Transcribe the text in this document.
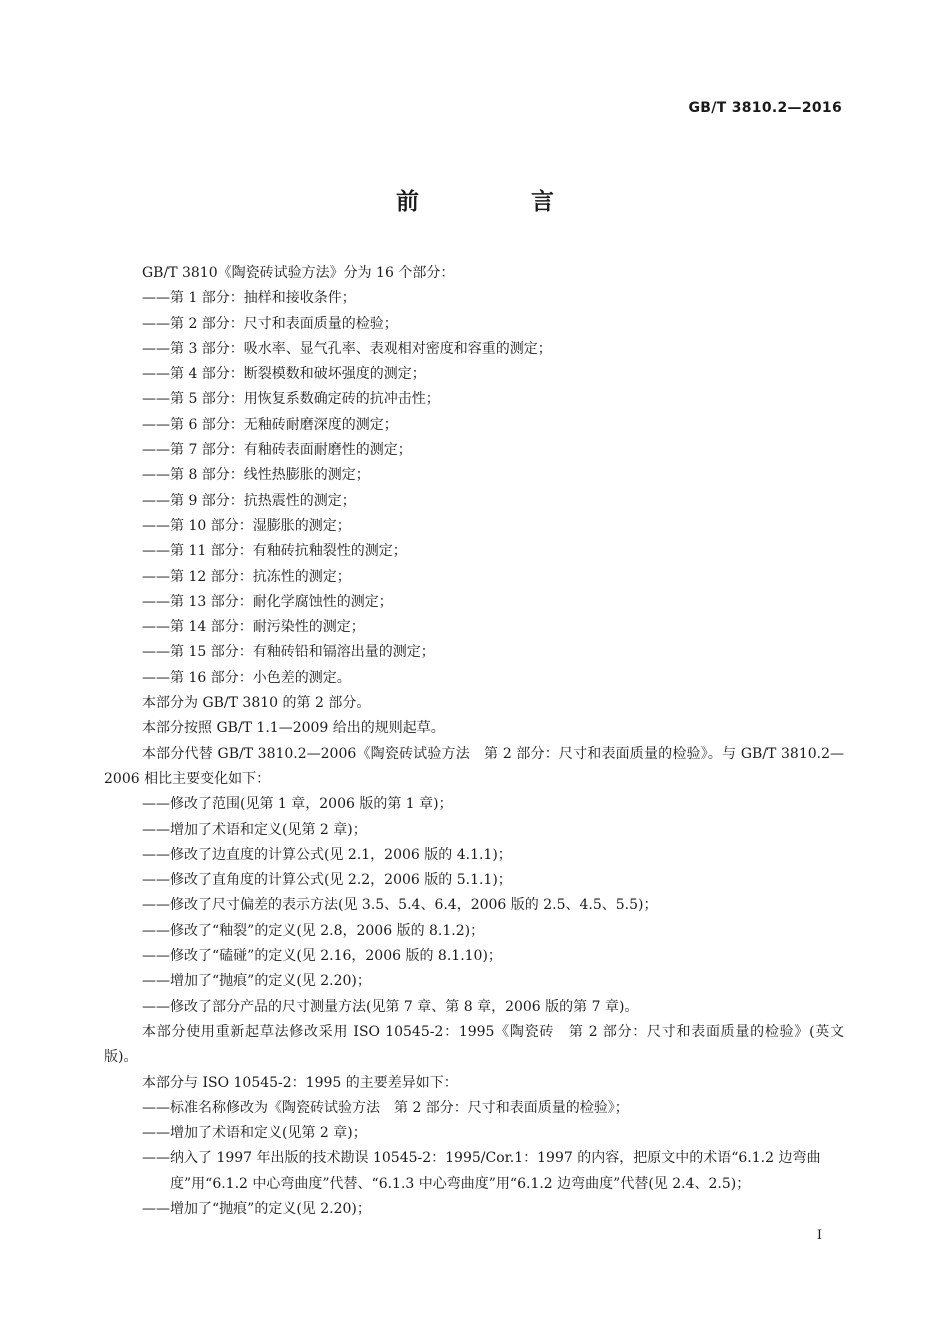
GB/T 3810.2—2016
前 言

GB/T 3810《陶瓷砖试验方法》分为 16 个部分：

——第 1 部分：抽样和接收条件；

——第 2 部分：尺寸和表面质量的检验；

——第 3 部分：吸水率、显气孔率、表观相对密度和容重的测定；

——第 4 部分：断裂模数和破坏强度的测定；

——第 5 部分：用恢复系数确定砖的抗冲击性；

——第 6 部分：无釉砖耐磨深度的测定；

——第 7 部分：有釉砖表面耐磨性的测定；

——第 8 部分：线性热膨胀的测定；

——第 9 部分：抗热震性的测定；

——第 10 部分：湿膨胀的测定；

——第 11 部分：有釉砖抗釉裂性的测定；

——第 12 部分：抗冻性的测定；

——第 13 部分：耐化学腐蚀性的测定；

——第 14 部分：耐污染性的测定；

——第 15 部分：有釉砖铅和镉溶出量的测定；

——第 16 部分：小色差的测定。

本部分为 GB/T 3810 的第 2 部分。

本部分按照 GB/T 1.1—2009 给出的规则起草。

本部分代替 GB/T 3810.2—2006《陶瓷砖试验方法　第 2 部分：尺寸和表面质量的检验》。与 GB/T 3810.2—2006 相比主要变化如下：

——修改了范围(见第 1 章，2006 版的第 1 章)；

——增加了术语和定义(见第 2 章)；

——修改了边直度的计算公式(见 2.1，2006 版的 4.1.1)；

——修改了直角度的计算公式(见 2.2，2006 版的 5.1.1)；

——修改了尺寸偏差的表示方法(见 3.5、5.4、6.4，2006 版的 2.5、4.5、5.5)；

——修改了“釉裂”的定义(见 2.8，2006 版的 8.1.2)；

——修改了“磕碰”的定义(见 2.16，2006 版的 8.1.10)；

——增加了“抛痕”的定义(见 2.20)；

——修改了部分产品的尺寸测量方法(见第 7 章、第 8 章，2006 版的第 7 章)。

本部分使用重新起草法修改采用 ISO 10545-2：1995《陶瓷砖　第 2 部分：尺寸和表面质量的检验》(英文版)。

本部分与 ISO 10545-2：1995 的主要差异如下：

——标准名称修改为《陶瓷砖试验方法　第 2 部分：尺寸和表面质量的检验》；

——增加了术语和定义(见第 2 章)；

——纳入了 1997 年出版的技术勘误 10545-2：1995/Cor.1：1997 的内容，把原文中的术语“6.1.2 边弯曲度”用“6.1.2 中心弯曲度”代替、“6.1.3 中心弯曲度”用“6.1.2 边弯曲度”代替(见 2.4、2.5)；

——增加了“抛痕”的定义(见 2.20)；

I
